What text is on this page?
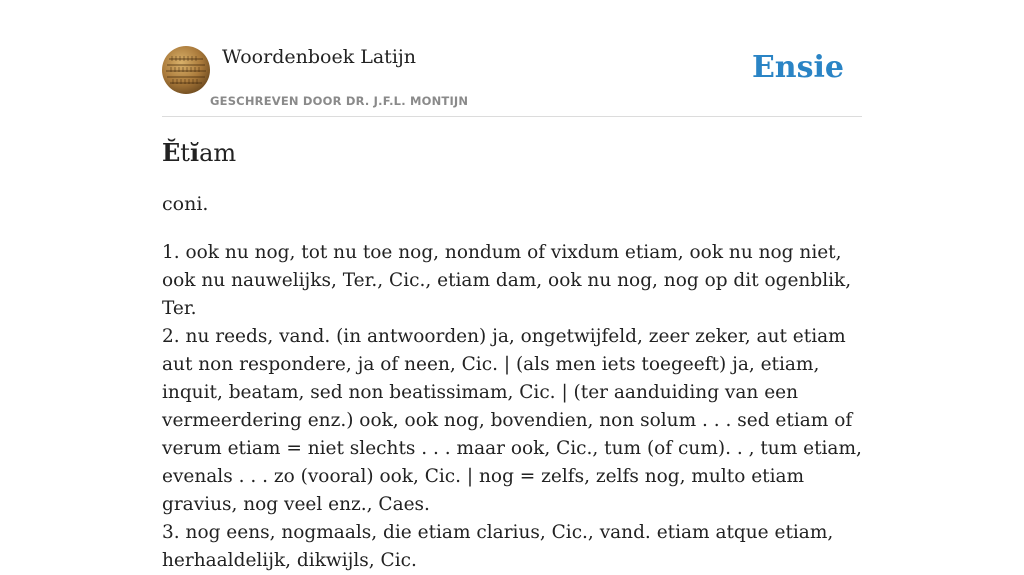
Woordenboek Latijn
GESCHREVEN DOOR DR. J.F.L. MONTIJN
Ensie
Ĕtĭam
coni.

1. ook nu nog, tot nu toe nog, nondum of vixdum etiam, ook nu nog niet, ook nu nauwelijks, Ter., Cic., etiam dam, ook nu nog, nog op dit ogenblik, Ter.

2. nu reeds, vand. (in antwoorden) ja, ongetwijfeld, zeer zeker, aut etiam aut non respondere, ja of neen, Cic. | (als men iets toegeeft) ja, etiam, inquit, beatam, sed non beatissimam, Cic. | (ter aanduiding van een vermeerdering enz.) ook, ook nog, bovendien, non solum . . . sed etiam of verum etiam = niet slechts . . . maar ook, Cic., tum (of cum). . , tum etiam, evenals . . . zo (vooral) ook, Cic. | nog = zelfs, zelfs nog, multo etiam gravius, nog veel enz., Caes.

3. nog eens, nogmaals, die etiam clarius, Cic., vand. etiam atque etiam, herhaaldelijk, dikwijls, Cic.
